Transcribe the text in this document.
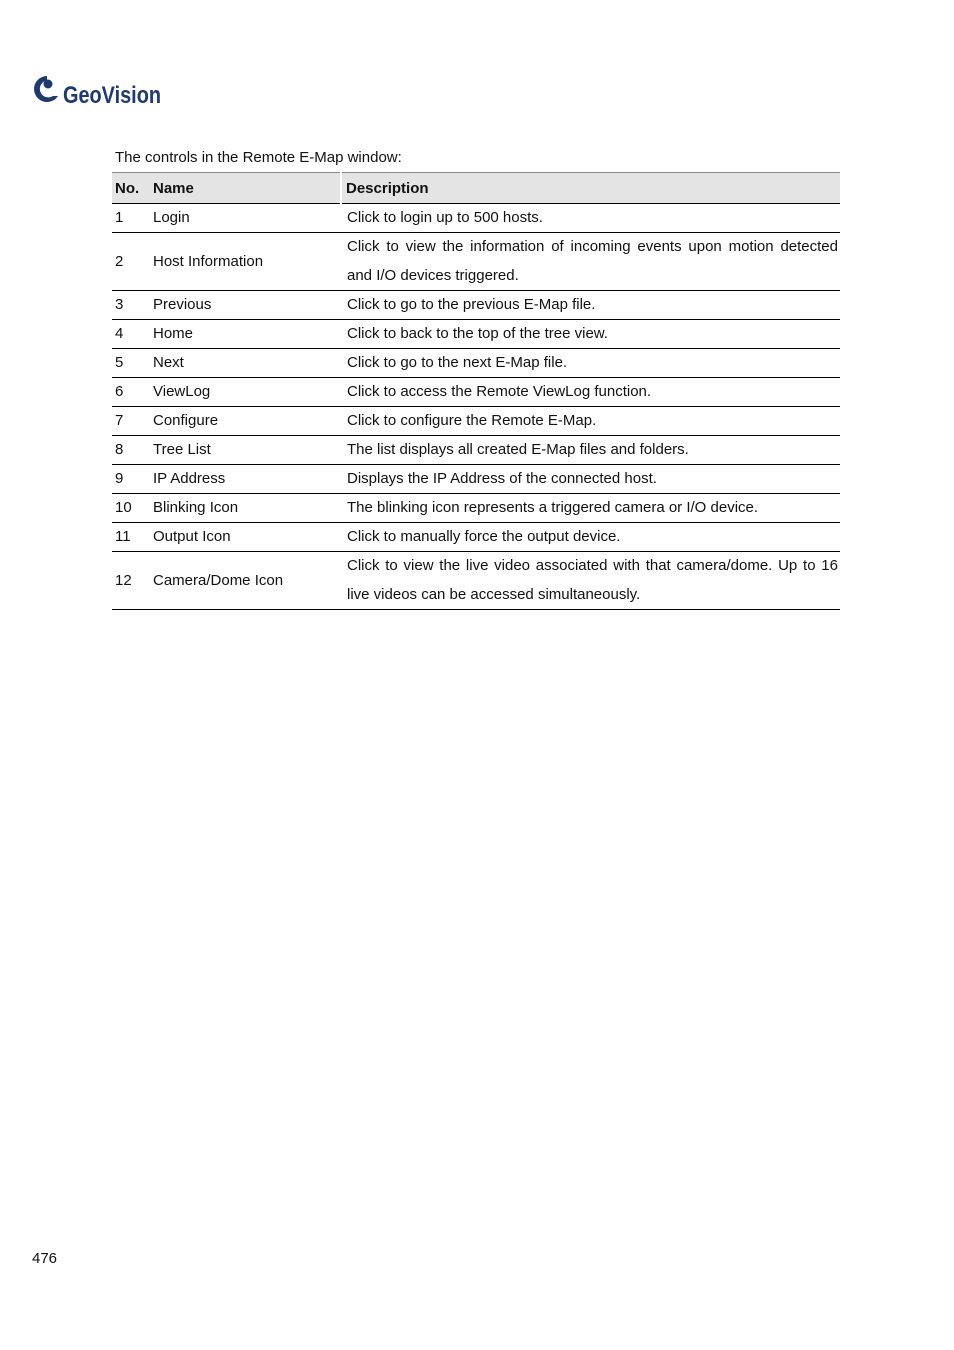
GeoVision
The controls in the Remote E-Map window:
No.	Name	Description
1	Login	Click to login up to 500 hosts.
2	Host Information	Click to view the information of incoming events upon motion detected and I/O devices triggered.
3	Previous	Click to go to the previous E-Map file.
4	Home	Click to back to the top of the tree view.
5	Next	Click to go to the next E-Map file.
6	ViewLog	Click to access the Remote ViewLog function.
7	Configure	Click to configure the Remote E-Map.
8	Tree List	The list displays all created E-Map files and folders.
9	IP Address	Displays the IP Address of the connected host.
10	Blinking Icon	The blinking icon represents a triggered camera or I/O device.
11	Output Icon	Click to manually force the output device.
12	Camera/Dome Icon	Click to view the live video associated with that camera/dome. Up to 16 live videos can be accessed simultaneously.
476
